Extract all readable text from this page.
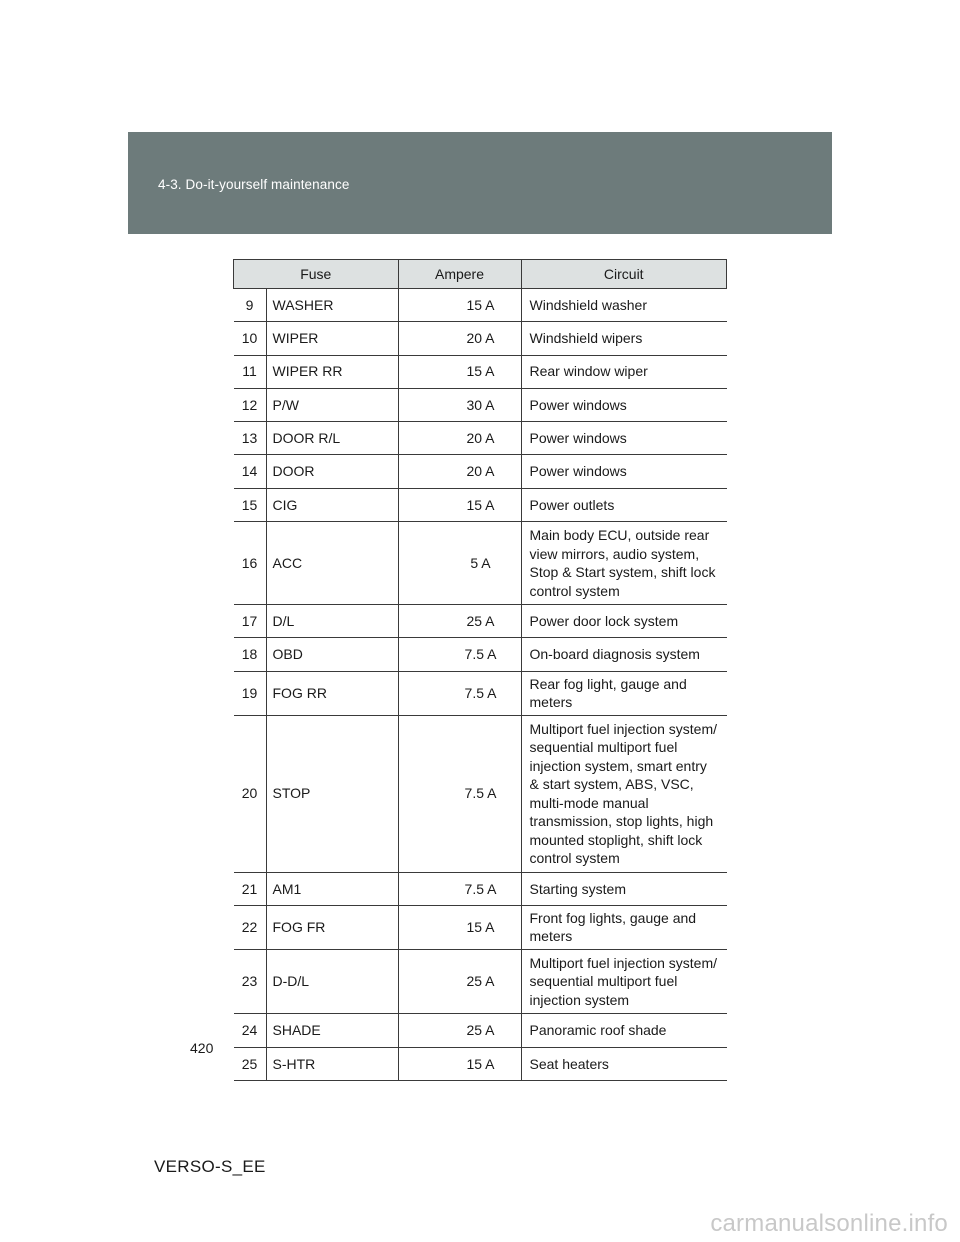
4-3. Do-it-yourself maintenance
Fuse		Ampere	Circuit
9	WASHER	15 A	Windshield washer
10	WIPER	20 A	Windshield wipers
11	WIPER RR	15 A	Rear window wiper
12	P/W	30 A	Power windows
13	DOOR R/L	20 A	Power windows
14	DOOR	20 A	Power windows
15	CIG	15 A	Power outlets
16	ACC	5 A	Main body ECU, outside rear view mirrors, audio system, Stop & Start system, shift lock control system
17	D/L	25 A	Power door lock system
18	OBD	7.5 A	On-board diagnosis system
19	FOG RR	7.5 A	Rear fog light, gauge and meters
20	STOP	7.5 A	Multiport fuel injection system/ sequential multiport fuel injection system, smart entry & start system, ABS, VSC, multi-mode manual transmission, stop lights, high mounted stoplight, shift lock control system
21	AM1	7.5 A	Starting system
22	FOG FR	15 A	Front fog lights, gauge and meters
23	D-D/L	25 A	Multiport fuel injection system/ sequential multiport fuel injection system
24	SHADE	25 A	Panoramic roof shade
25	S-HTR	15 A	Seat heaters
420
VERSO-S_EE
carmanualsonline.info
